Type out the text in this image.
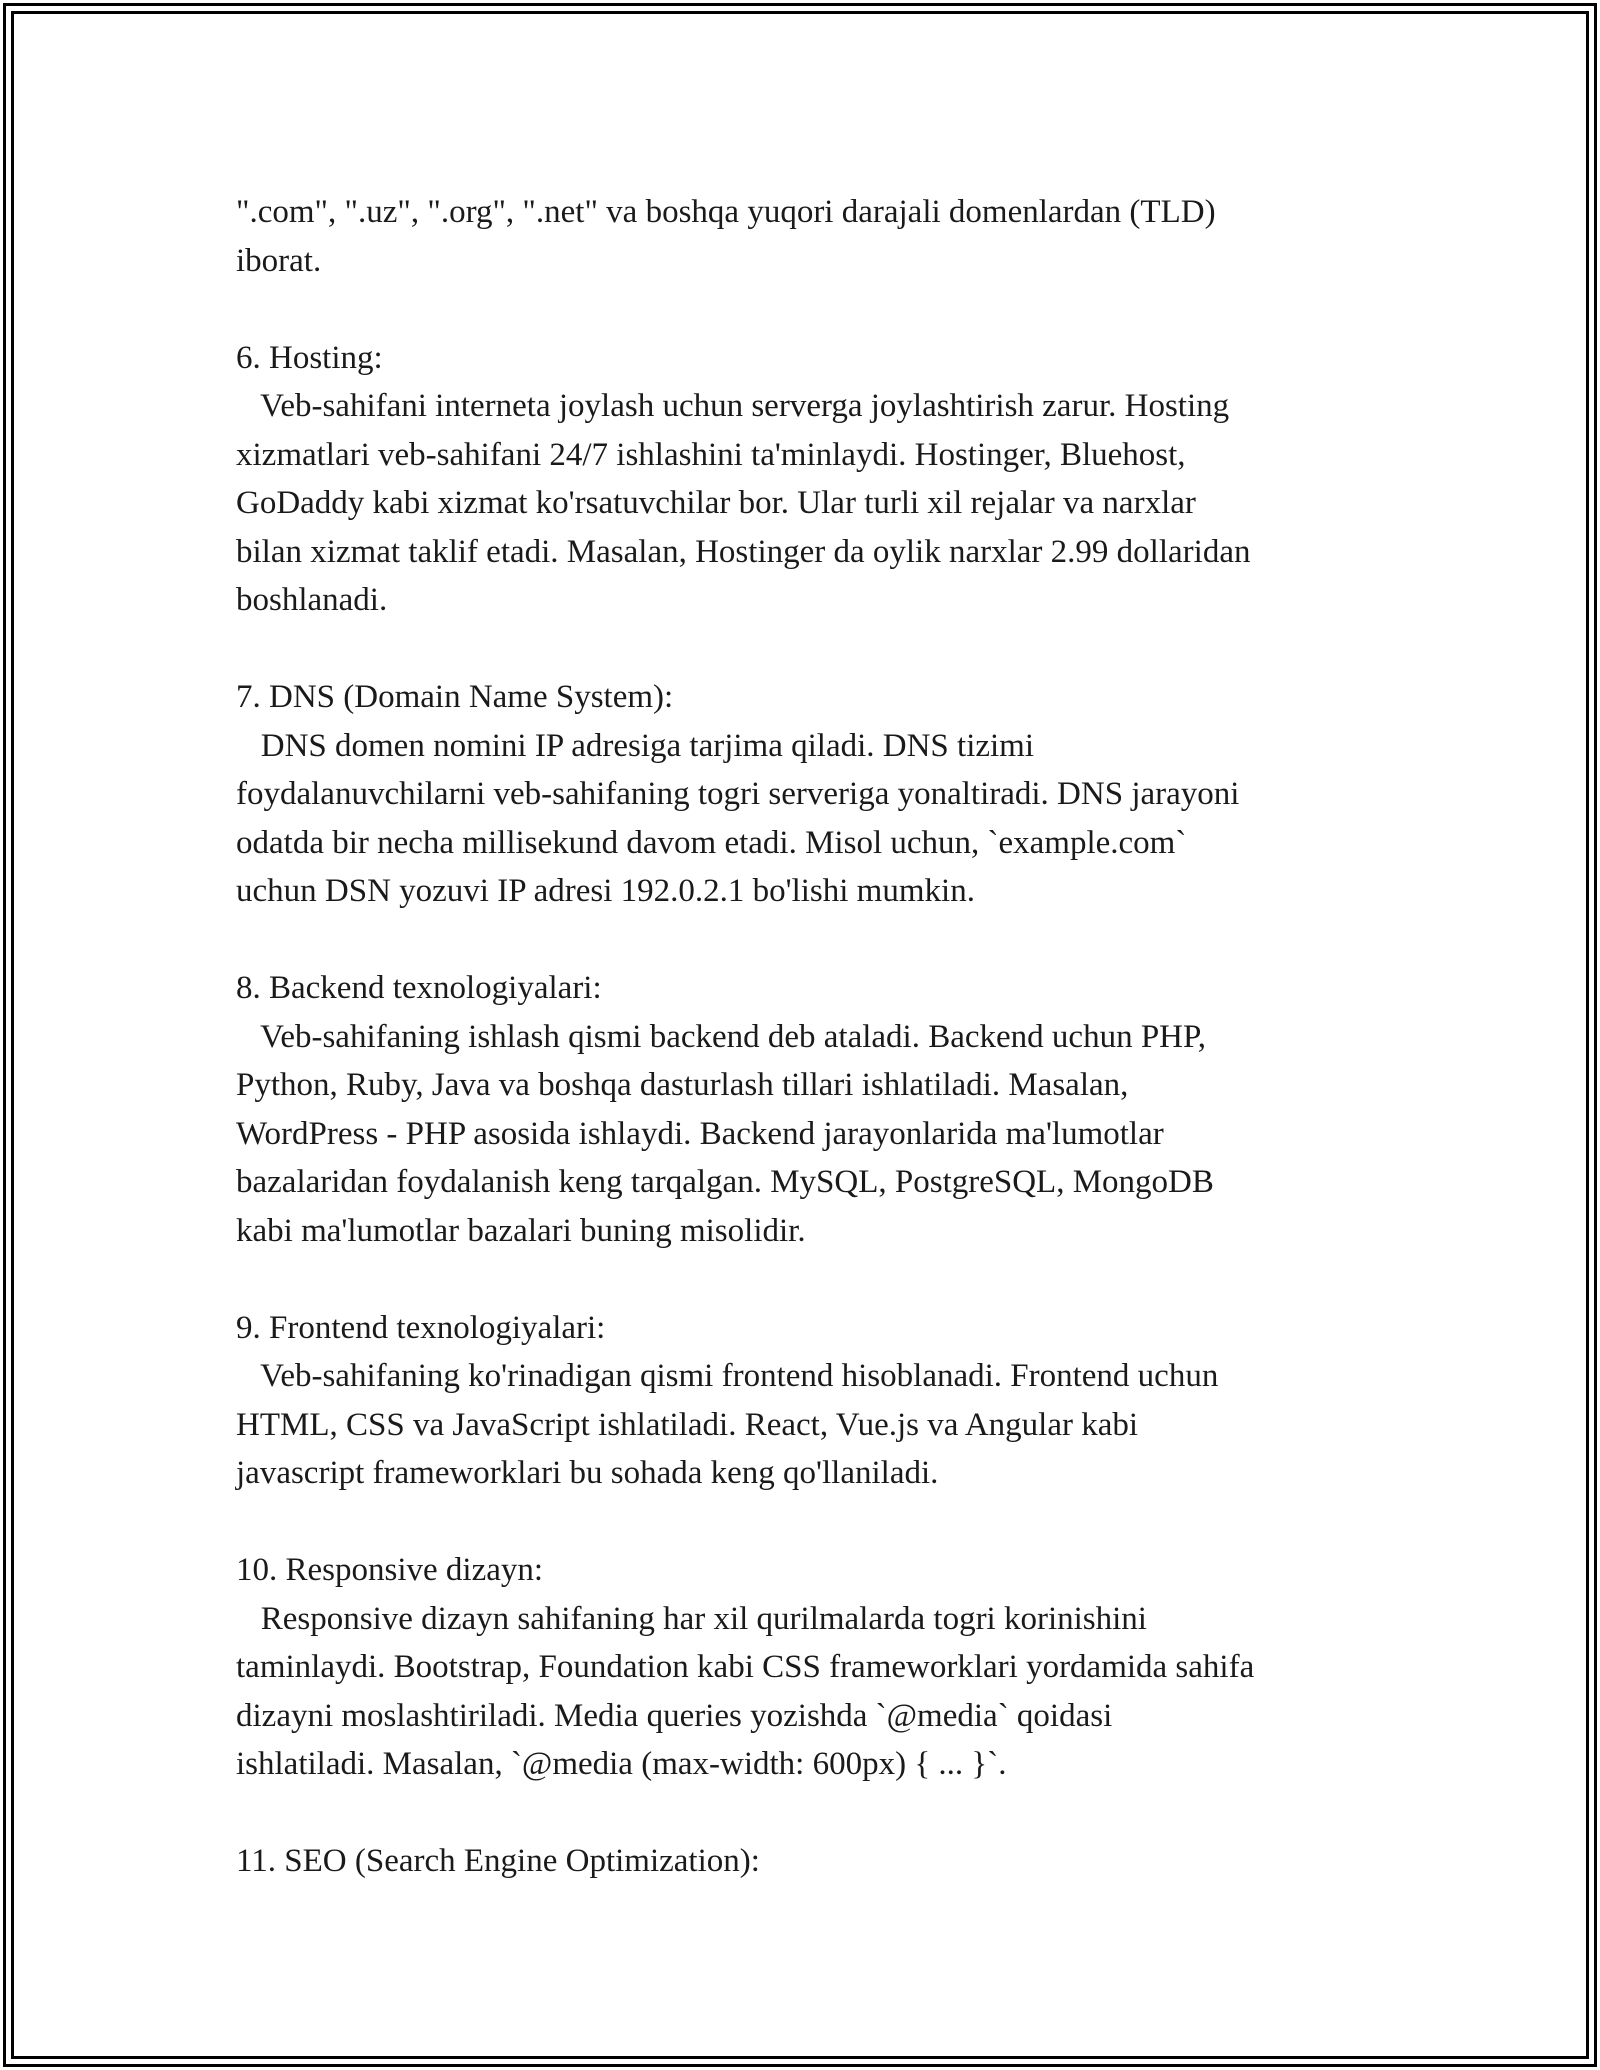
".com", ".uz", ".org", ".net" va boshqa yuqori darajali domenlardan (TLD)
iborat.
6. Hosting:
Veb-sahifani interneta joylash uchun serverga joylashtirish zarur. Hosting
xizmatlari veb-sahifani 24/7 ishlashini ta'minlaydi. Hostinger, Bluehost,
GoDaddy kabi xizmat ko'rsatuvchilar bor. Ular turli xil rejalar va narxlar
bilan xizmat taklif etadi. Masalan, Hostinger da oylik narxlar 2.99 dollaridan
boshlanadi.
7. DNS (Domain Name System):
DNS domen nomini IP adresiga tarjima qiladi. DNS tizimi
foydalanuvchilarni veb-sahifaning togri serveriga yonaltiradi. DNS jarayoni
odatda bir necha millisekund davom etadi. Misol uchun, `example.com`
uchun DSN yozuvi IP adresi 192.0.2.1 bo'lishi mumkin.
8. Backend texnologiyalari:
Veb-sahifaning ishlash qismi backend deb ataladi. Backend uchun PHP,
Python, Ruby, Java va boshqa dasturlash tillari ishlatiladi. Masalan,
WordPress - PHP asosida ishlaydi. Backend jarayonlarida ma'lumotlar
bazalaridan foydalanish keng tarqalgan. MySQL, PostgreSQL, MongoDB
kabi ma'lumotlar bazalari buning misolidir.
9. Frontend texnologiyalari:
Veb-sahifaning ko'rinadigan qismi frontend hisoblanadi. Frontend uchun
HTML, CSS va JavaScript ishlatiladi. React, Vue.js va Angular kabi
javascript frameworklari bu sohada keng qo'llaniladi.
10. Responsive dizayn:
Responsive dizayn sahifaning har xil qurilmalarda togri korinishini
taminlaydi. Bootstrap, Foundation kabi CSS frameworklari yordamida sahifa
dizayni moslashtiriladi. Media queries yozishda `@media` qoidasi
ishlatiladi. Masalan, `@media (max-width: 600px) { ... }`.
11. SEO (Search Engine Optimization):
